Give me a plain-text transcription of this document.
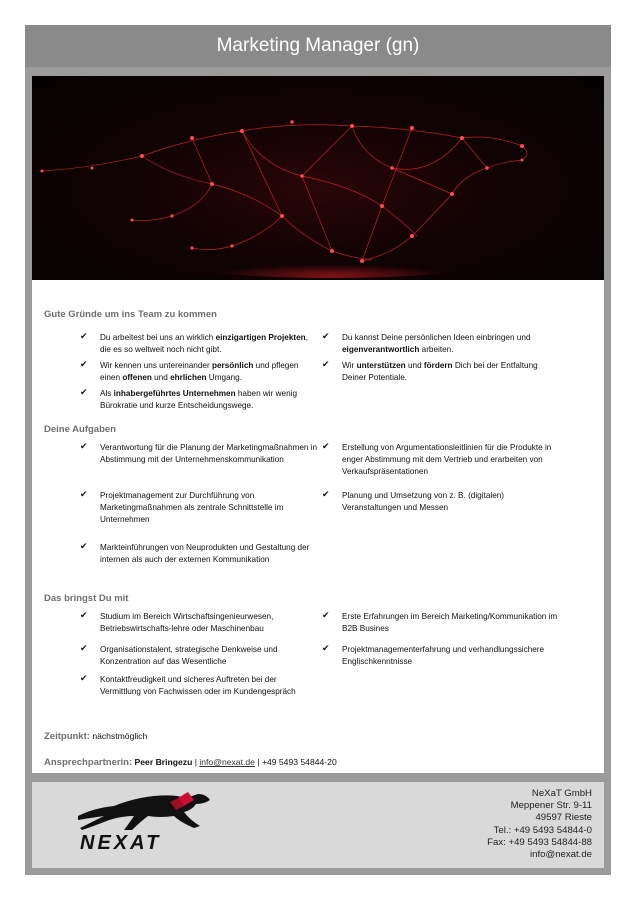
Marketing Manager (gn)
Gute Gründe um ins Team zu kommen
✔ Du arbeitest bei uns an wirklich einzigartigen Projekten, die es so weltweit noch nicht gibt.
✔ Wir kennen uns untereinander persönlich und pflegen einen offenen und ehrlichen Umgang.
✔ Als inhabergeführtes Unternehmen haben wir wenig Bürokratie und kurze Entscheidungswege.
✔ Du kannst Deine persönlichen Ideen einbringen und eigenverantwortlich arbeiten.
✔ Wir unterstützen und fördern Dich bei der Entfaltung Deiner Potentiale.
Deine Aufgaben
✔ Verantwortung für die Planung der Marketingmaßnahmen in Abstimmung mit der Unternehmenskommunikation
✔ Projektmanagement zur Durchführung von Marketingmaßnahmen als zentrale Schnittstelle im Unternehmen
✔ Markteinführungen von Neuprodukten und Gestaltung der internen als auch der externen Kommunikation
✔ Erstellung von Argumentationsleitlinien für die Produkte in enger Abstimmung mit dem Vertrieb und erarbeiten von Verkaufspräsentationen
✔ Planung und Umsetzung von z. B. (digitalen) Veranstaltungen und Messen
Das bringst Du mit
✔ Studium im Bereich Wirtschaftsingenieurwesen, Betriebswirtschafts-lehre oder Maschinenbau
✔ Organisationstalent, strategische Denkweise und Konzentration auf das Wesentliche
✔ Kontaktfreudigkeit und sicheres Auftreten bei der Vermittlung von Fachwissen oder im Kundengespräch
✔ Erste Erfahrungen im Bereich Marketing/Kommunikation im B2B Busines
✔ Projektmanagementerfahrung und verhandlungssichere Englischkenntnisse
Zeitpunkt: nächstmöglich
Ansprechpartnerin: Peer Bringezu | info@nexat.de | +49 5493 54844-20
NEXAT
NeXaT GmbH
Meppener Str. 9-11
49597 Rieste
Tel.: +49 5493 54844-0
Fax: +49 5493 54844-88
info@nexat.de
